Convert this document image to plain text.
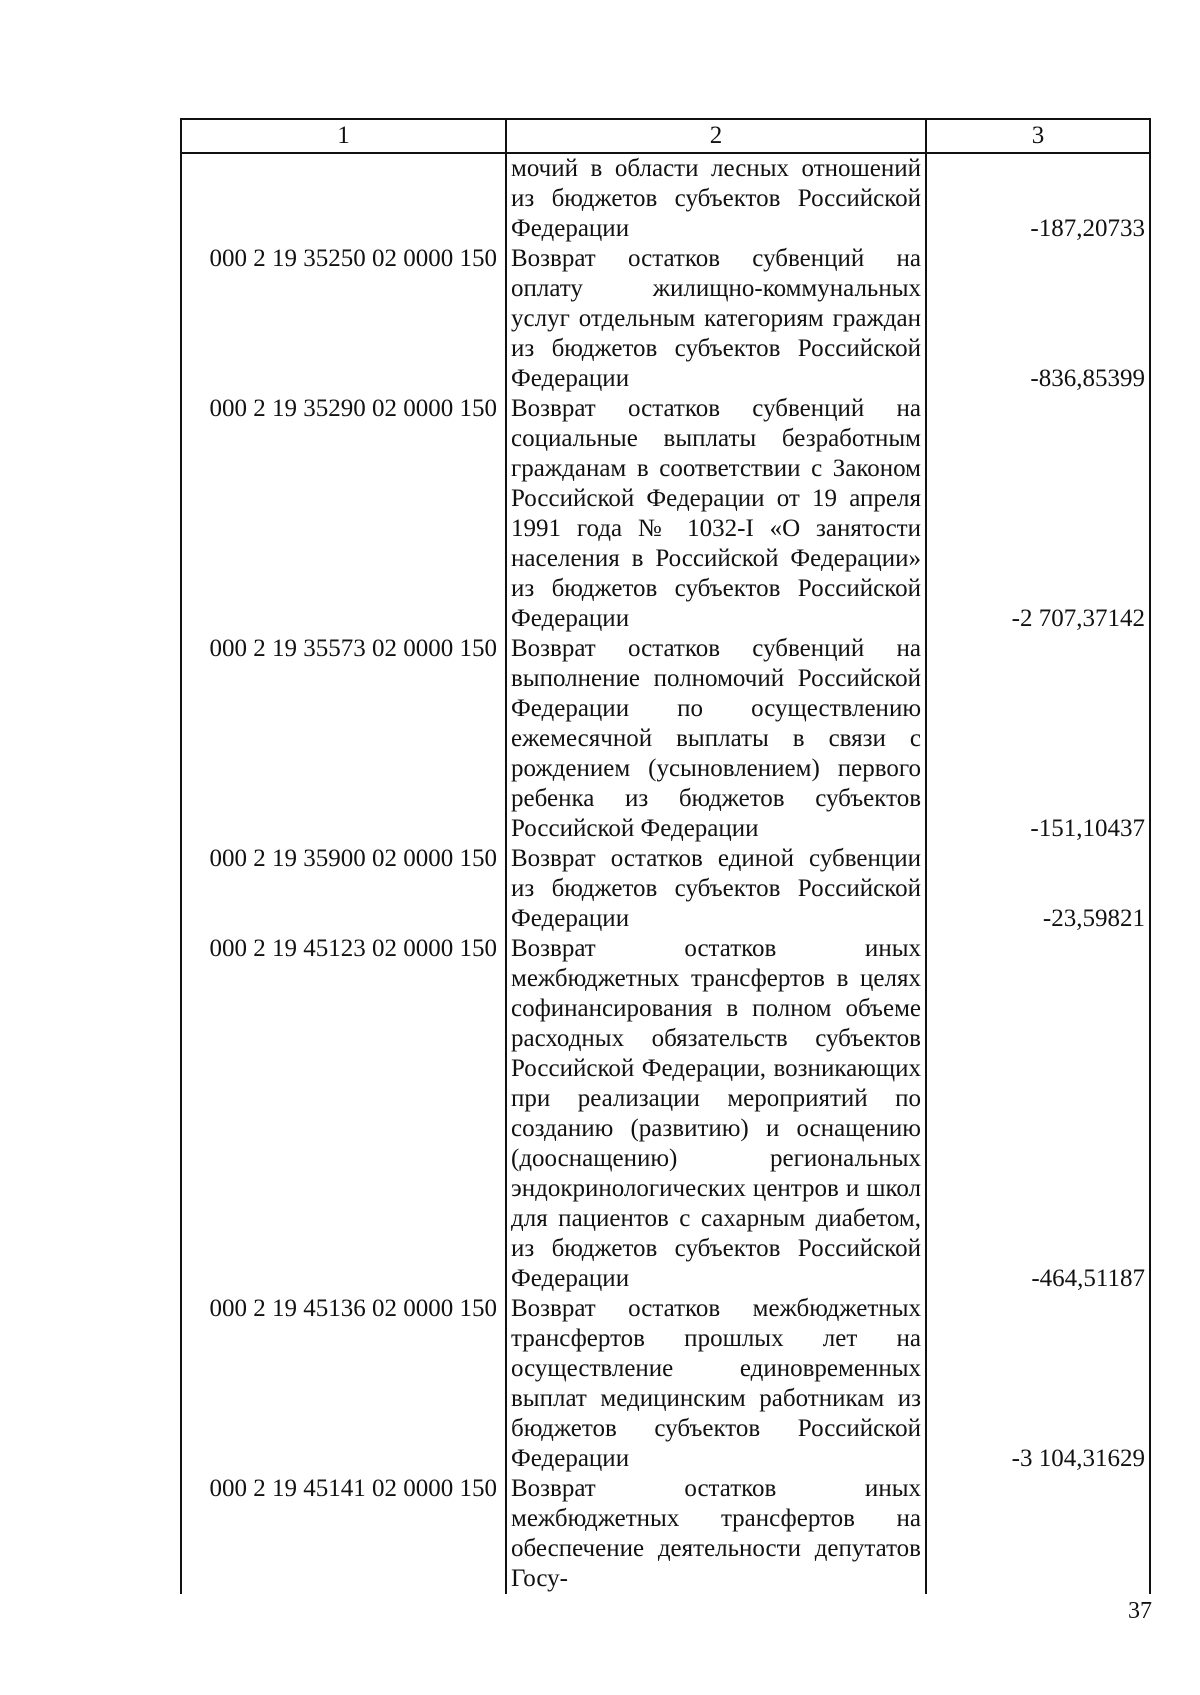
1	2	3

	мочий в области лесных отношений из бюджетов субъектов Российской Федерации	-187,20733
000 2 19 35250 02 0000 150	Возврат остатков субвенций на оплату жилищно-коммунальных услуг отдельным категориям граждан из бюджетов субъектов Российской Федерации	-836,85399
000 2 19 35290 02 0000 150	Возврат остатков субвенций на социальные выплаты безработным гражданам в соответствии с Законом Российской Федерации от 19 апреля 1991 года № 1032-I «О занятости населения в Российской Федерации» из бюджетов субъектов Российской Федерации	-2 707,37142
000 2 19 35573 02 0000 150	Возврат остатков субвенций на выполнение полномочий Российской Федерации по осуществлению ежемесячной выплаты в связи с рождением (усыновлением) первого ребенка из бюджетов субъектов Российской Федерации	-151,10437
000 2 19 35900 02 0000 150	Возврат остатков единой субвенции из бюджетов субъектов Российской Федерации	-23,59821
000 2 19 45123 02 0000 150	Возврат остатков иных межбюджетных трансфертов в целях софинансирования в полном объеме расходных обязательств субъектов Российской Федерации, возникающих при реализации мероприятий по созданию (развитию) и оснащению (дооснащению) региональных эндокринологических центров и школ для пациентов с сахарным диабетом, из бюджетов субъектов Российской Федерации	-464,51187
000 2 19 45136 02 0000 150	Возврат остатков межбюджетных трансфертов прошлых лет на осуществление единовременных выплат медицинским работникам из бюджетов субъектов Российской Федерации	-3 104,31629
000 2 19 45141 02 0000 150	Возврат остатков иных межбюджетных трансфертов на обеспечение деятельности депутатов Госу-	

37
